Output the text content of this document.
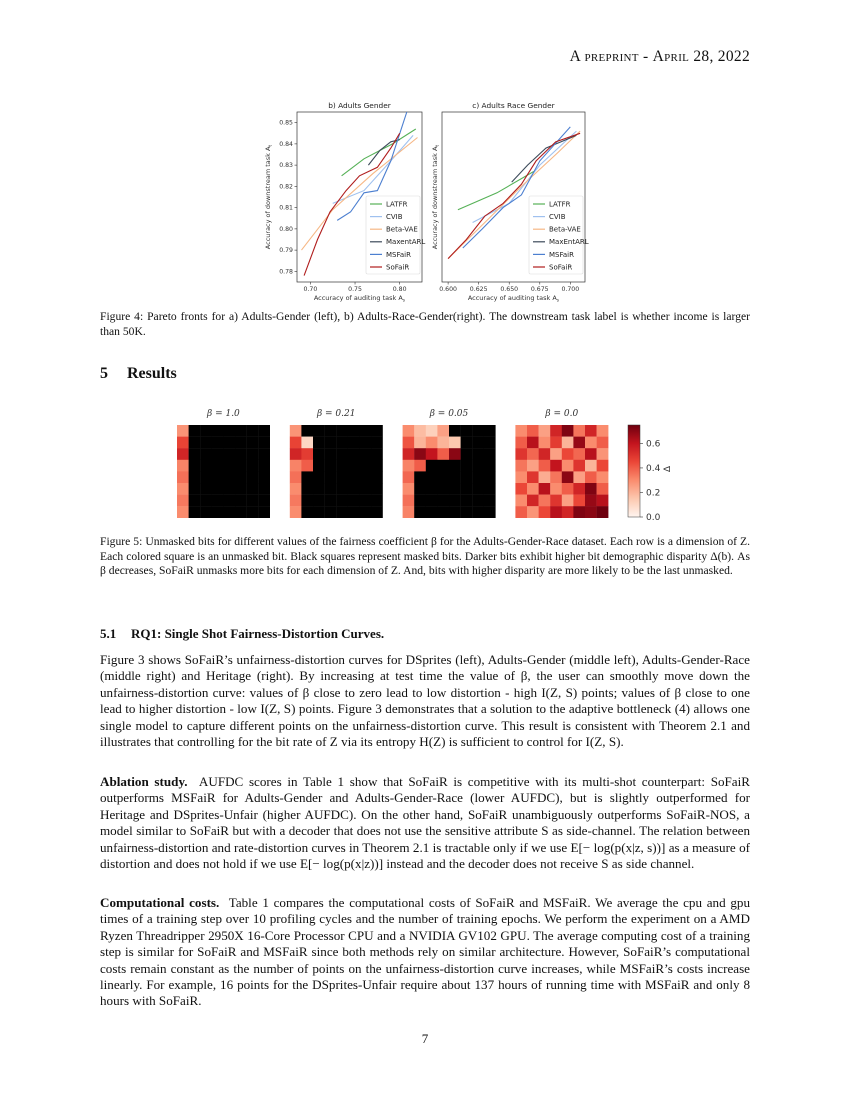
A preprint - April 28, 2022
b) Adults Gender
0.70	0.75	0.80
0.78
0.79
0.80
0.81
0.82
0.83
0.84
0.85
Accuracy of auditing task $A_s$
Accuracy of downstream task $A_t$
LATFR
CVIB
Beta-VAE
MaxentARL
MSFaiR
SoFaiR
c) Adults Race Gender
0.600 0.625 0.650 0.675 0.700
Accuracy of auditing task $A_s$
Accuracy of downstream task $A_t$
LATFR
CVIB
Beta-VAE
MaxEntARL
MSFaiR
SoFaiR

Figure 4: Pareto fronts for a) Adults-Gender (left), b) Adults-Race-Gender(right). The downstream task label is whether income is larger than 50K.

5 Results
β = 1.0	β = 0.21	β = 0.05	β = 0.0
0.0
0.2
0.4
0.6
Δ

Figure 5: Unmasked bits for different values of the fairness coefficient β for the Adults-Gender-Race dataset. Each row is a dimension of Z. Each colored square is an unmasked bit. Black squares represent masked bits. Darker bits exhibit higher bit demographic disparity Δ(b). As β decreases, SoFaiR unmasks more bits for each dimension of Z. And, bits with higher disparity are more likely to be the last unmasked.

5.1 RQ1: Single Shot Fairness-Distortion Curves.

Figure 3 shows SoFaiR’s unfairness-distortion curves for DSprites (left), Adults-Gender (middle left), Adults-Gender-Race (middle right) and Heritage (right). By increasing at test time the value of β, the user can smoothly move down the unfairness-distortion curve: values of β close to zero lead to low distortion - high I(Z, S) points; values of β close to one lead to higher distortion - low I(Z, S) points. Figure 3 demonstrates that a solution to the adaptive bottleneck (4) allows one single model to capture different points on the unfairness-distortion curve. This result is consistent with Theorem 2.1 and illustrates that controlling for the bit rate of Z via its entropy H(Z) is sufficient to control for I(Z, S).

Ablation study. AUFDC scores in Table 1 show that SoFaiR is competitive with its multi-shot counterpart: SoFaiR outperforms MSFaiR for Adults-Gender and Adults-Gender-Race (lower AUFDC), but is slightly outperformed for Heritage and DSprites-Unfair (higher AUFDC). On the other hand, SoFaiR unambiguously outperforms SoFaiR-NOS, a model similar to SoFaiR but with a decoder that does not use the sensitive attribute S as side-channel. The relation between unfairness-distortion and rate-distortion curves in Theorem 2.1 is tractable only if we use E[− log(p(x|z, s))] as a measure of distortion and does not hold if we use E[− log(p(x|z))] instead and the decoder does not receive S as side channel.

Computational costs. Table 1 compares the computational costs of SoFaiR and MSFaiR. We average the cpu and gpu times of a training step over 10 profiling cycles and the number of training epochs. We perform the experiment on a AMD Ryzen Threadripper 2950X 16-Core Processor CPU and a NVIDIA GV102 GPU. The average computing cost of a training step is similar for SoFaiR and MSFaiR since both methods rely on similar architecture. However, SoFaiR’s computational costs remain constant as the number of points on the unfairness-distortion curve increases, while MSFaiR’s costs increase linearly. For example, 16 points for the DSprites-Unfair require about 137 hours of running time with MSFaiR and only 8 hours with SoFaiR.

7
